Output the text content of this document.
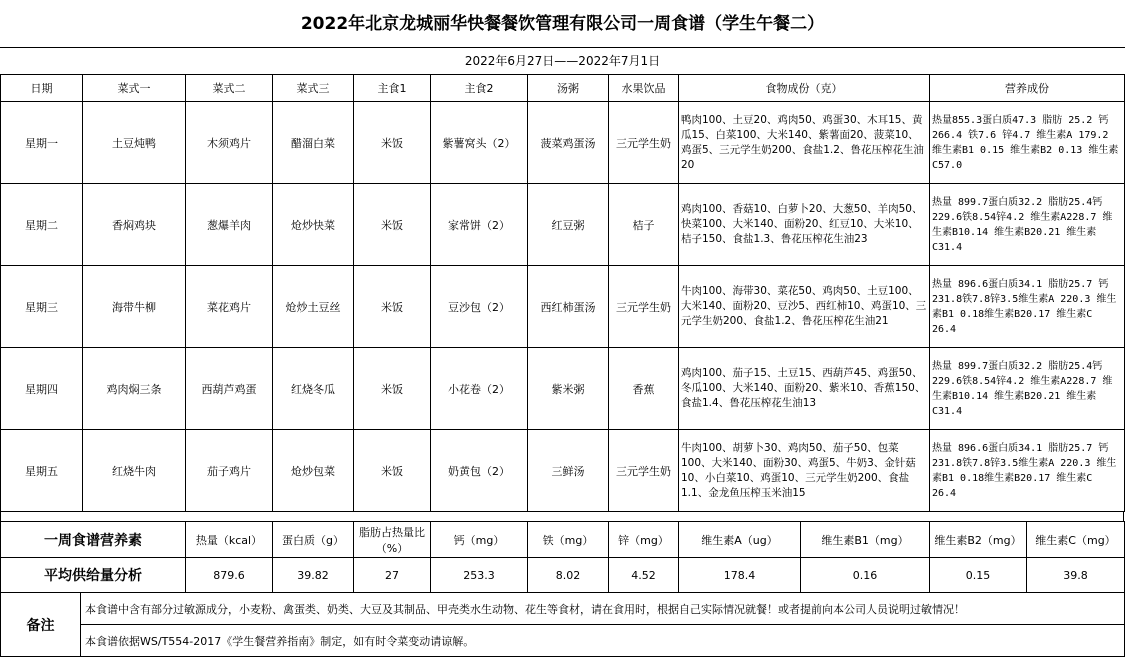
2022年北京龙城丽华快餐餐饮管理有限公司一周食谱（学生午餐二）
2022年6月27日——2022年7月1日
日期	菜式一	菜式二	菜式三	主食1	主食2	汤粥	水果饮品	食物成份（克）	营养成份
星期一	土豆炖鸭	木须鸡片	醋溜白菜	米饭	紫薯窝头（2）	菠菜鸡蛋汤	三元学生奶	鸭肉100、土豆20、鸡肉50、鸡蛋30、木耳15、黄瓜15、白菜100、大米140、紫薯面20、菠菜10、鸡蛋5、三元学生奶200、食盐1.2、鲁花压榨花生油20	热量855.3蛋白质47.3 脂肪 25.2 钙 266.4 铁7.6 锌4.7 维生素A 179.2 维生素B1 0.15 维生素B2 0.13 维生素C57.0
星期二	香焖鸡块	葱爆羊肉	炝炒快菜	米饭	家常饼（2）	红豆粥	桔子	鸡肉100、香菇10、白萝卜20、大葱50、羊肉50、快菜100、大米140、面粉20、红豆10、大米10、桔子150、食盐1.3、鲁花压榨花生油23	热量 899.7蛋白质32.2 脂肪25.4钙229.6铁8.54锌4.2 维生素A228.7 维生素B10.14 维生素B20.21 维生素C31.4
星期三	海带牛柳	菜花鸡片	炝炒土豆丝	米饭	豆沙包（2）	西红柿蛋汤	三元学生奶	牛肉100、海带30、菜花50、鸡肉50、土豆100、大米140、面粉20、豆沙5、西红柿10、鸡蛋10、三元学生奶200、食盐1.2、鲁花压榨花生油21	热量 896.6蛋白质34.1 脂肪25.7 钙231.8铁7.8锌3.5维生素A 220.3 维生素B1 0.18维生素B20.17 维生素C 26.4
星期四	鸡肉焖三条	西葫芦鸡蛋	红烧冬瓜	米饭	小花卷（2）	紫米粥	香蕉	鸡肉100、茄子15、土豆15、西葫芦45、鸡蛋50、冬瓜100、大米140、面粉20、紫米10、香蕉150、食盐1.4、鲁花压榨花生油13	热量 899.7蛋白质32.2 脂肪25.4钙229.6铁8.54锌4.2 维生素A228.7 维生素B10.14 维生素B20.21 维生素C31.4
星期五	红烧牛肉	茄子鸡片	炝炒包菜	米饭	奶黄包（2）	三鲜汤	三元学生奶	牛肉100、胡萝卜30、鸡肉50、茄子50、包菜100、大米140、面粉30、鸡蛋5、牛奶3、金针菇10、小白菜10、鸡蛋10、三元学生奶200、食盐1.1、金龙鱼压榨玉米油15	热量 896.6蛋白质34.1 脂肪25.7 钙231.8铁7.8锌3.5维生素A 220.3 维生素B1 0.18维生素B20.17 维生素C 26.4
一周食谱营养素	热量（kcal）	蛋白质（g）	脂肪占热量比（%）	钙（mg）	铁（mg）	锌（mg）	维生素A（ug）	维生素B1（mg）	维生素B2（mg）	维生素C（mg）
平均供给量分析	879.6	39.82	27	253.3	8.02	4.52	178.4	0.16	0.15	39.8
备注	本食谱中含有部分过敏源成分，小麦粉、禽蛋类、奶类、大豆及其制品、甲壳类水生动物、花生等食材，请在食用时，根据自己实际情况就餐！或者提前向本公司人员说明过敏情况！
本食谱依据WS/T554-2017《学生餐营养指南》制定，如有时令菜变动请谅解。
